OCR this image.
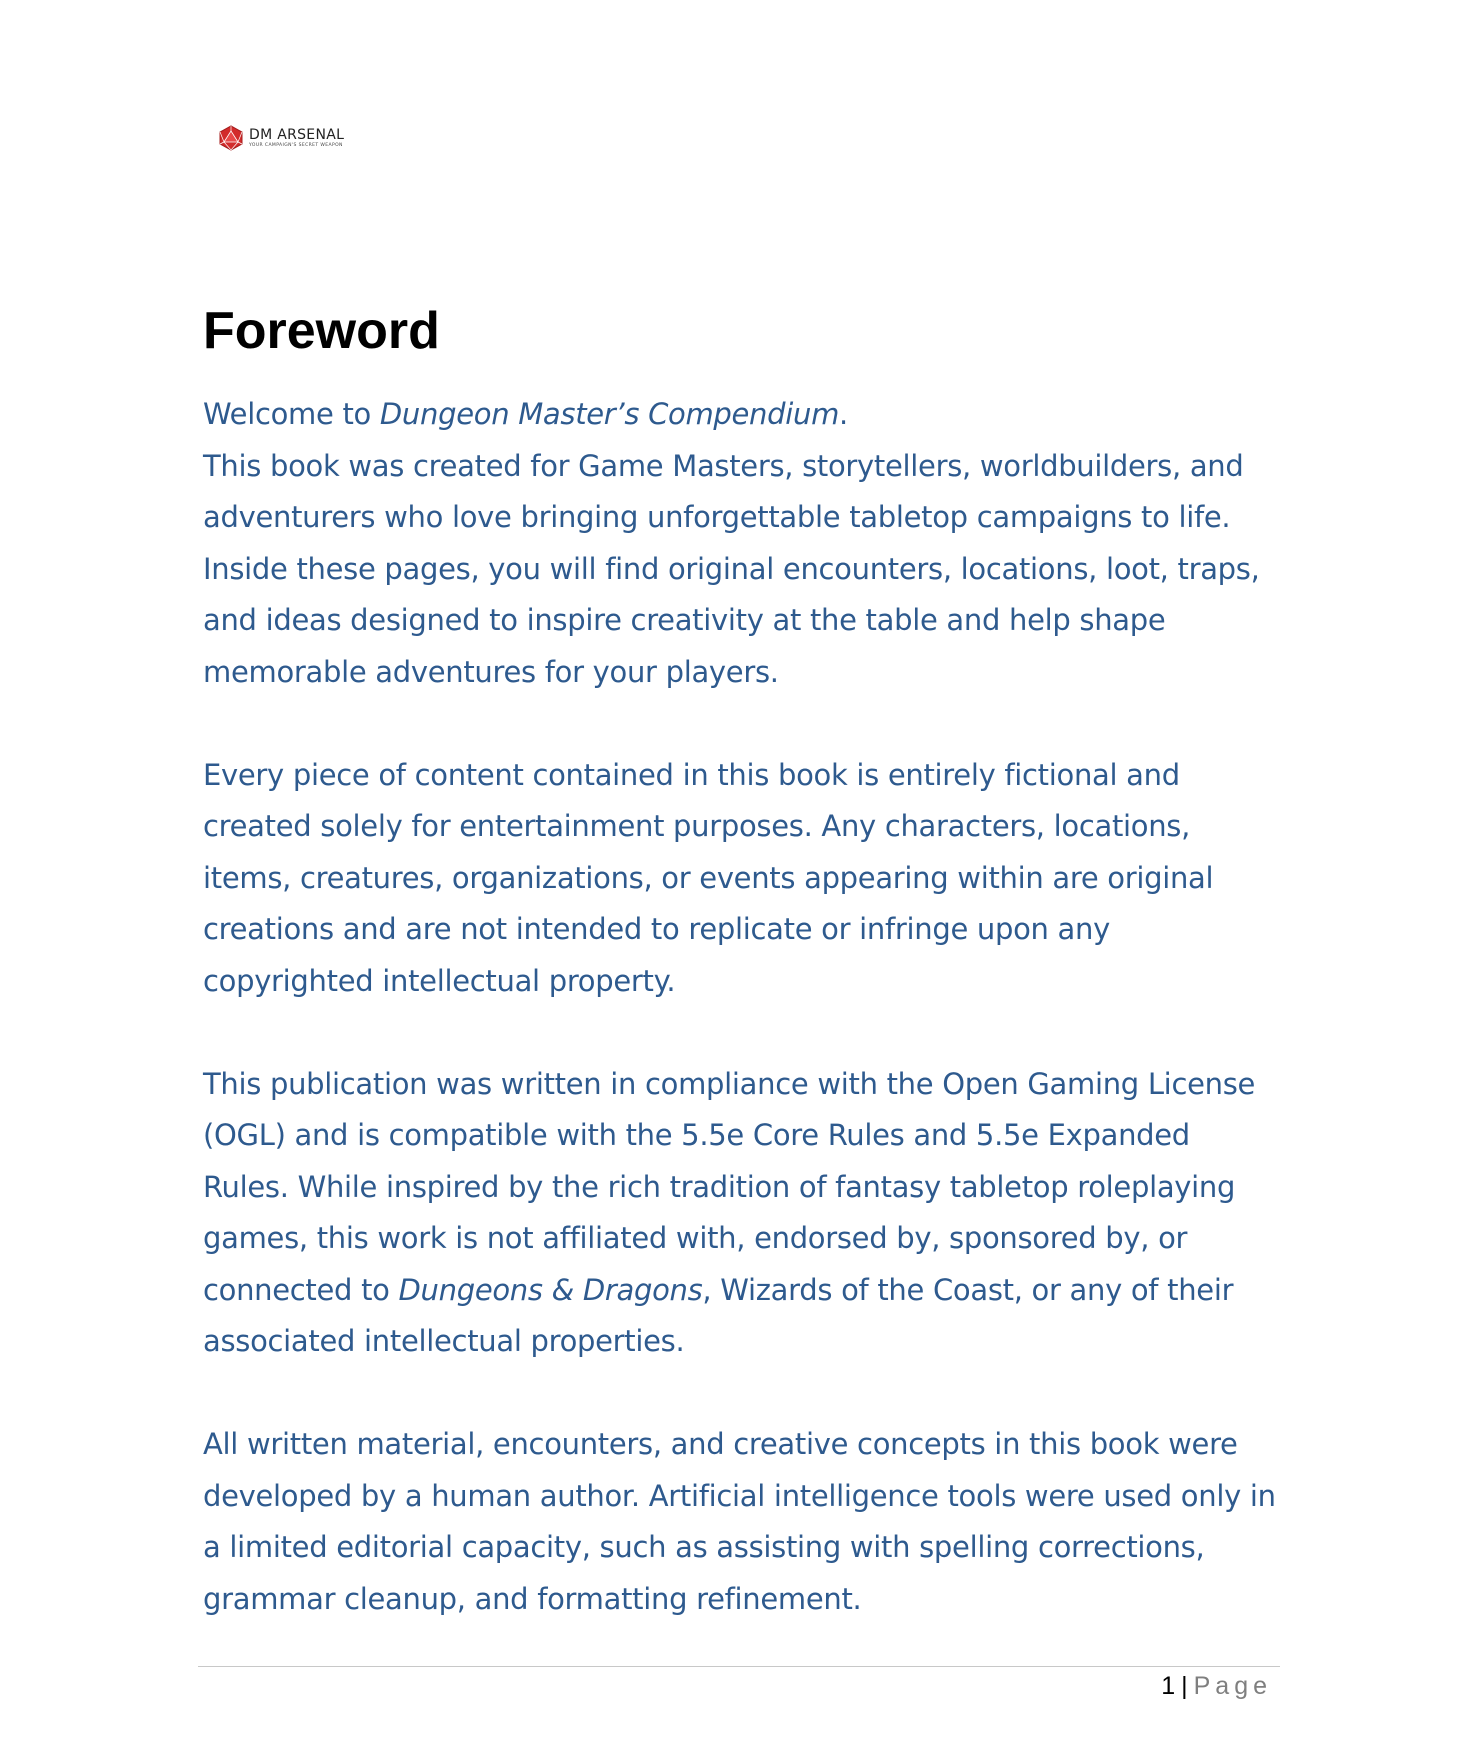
DM ARSENAL
YOUR CAMPAIGN'S SECRET WEAPON
Foreword

Welcome to Dungeon Master’s Compendium.

This book was created for Game Masters, storytellers, worldbuilders, and adventurers who love bringing unforgettable tabletop campaigns to life. Inside these pages, you will find original encounters, locations, loot, traps, and ideas designed to inspire creativity at the table and help shape memorable adventures for your players.

Every piece of content contained in this book is entirely fictional and created solely for entertainment purposes. Any characters, locations, items, creatures, organizations, or events appearing within are original creations and are not intended to replicate or infringe upon any copyrighted intellectual property.

This publication was written in compliance with the Open Gaming License (OGL) and is compatible with the 5.5e Core Rules and 5.5e Expanded Rules. While inspired by the rich tradition of fantasy tabletop roleplaying games, this work is not affiliated with, endorsed by, sponsored by, or connected to Dungeons & Dragons, Wizards of the Coast, or any of their associated intellectual properties.

All written material, encounters, and creative concepts in this book were developed by a human author. Artificial intelligence tools were used only in a limited editorial capacity, such as assisting with spelling corrections, grammar cleanup, and formatting refinement.

1 | Page
